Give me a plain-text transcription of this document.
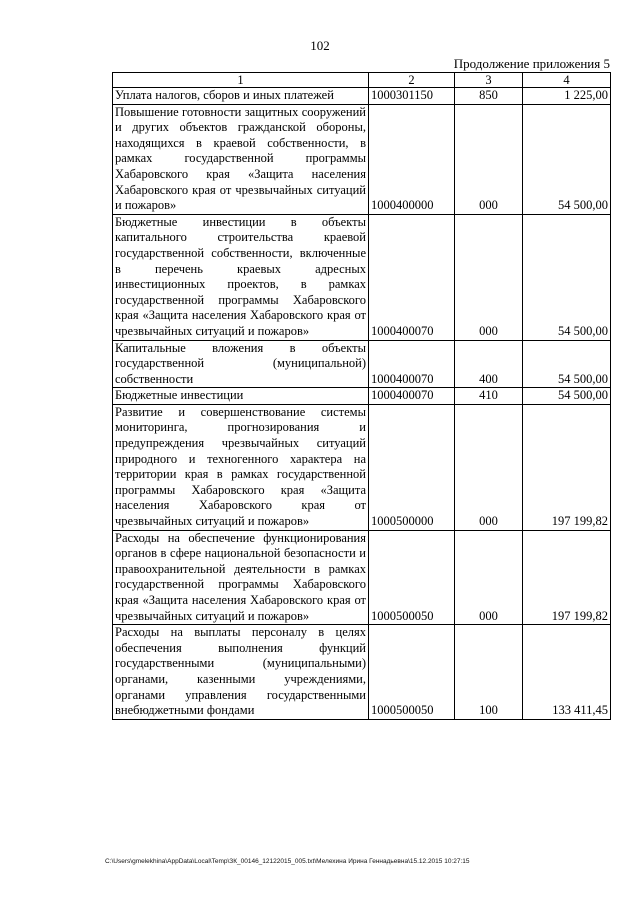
102
Продолжение приложения 5
1	2	3	4
Уплата налогов, сборов и иных платежей	1000301150	850	1 225,00
Повышение готовности защитных сооружений и других объектов гражданской обороны, находящихся в краевой собственности, в рамках государственной программы Хабаровского края «Защита населения Хабаровского края от чрезвычайных ситуаций и пожаров»	1000400000	000	54 500,00
Бюджетные инвестиции в объекты капитального строительства краевой государственной собственности, включенные в перечень краевых адресных инвестиционных проектов, в рамках государственной программы Хабаровского края «Защита населения Хабаровского края от чрезвычайных ситуаций и пожаров»	1000400070	000	54 500,00
Капитальные вложения в объекты государственной (муниципальной) собственности	1000400070	400	54 500,00
Бюджетные инвестиции	1000400070	410	54 500,00
Развитие и совершенствование системы мониторинга, прогнозирования и предупреждения чрезвычайных ситуаций природного и техногенного характера на территории края в рамках государственной программы Хабаровского края «Защита населения Хабаровского края от чрезвычайных ситуаций и пожаров»	1000500000	000	197 199,82
Расходы на обеспечение функционирования органов в сфере национальной безопасности и правоохранительной деятельности в рамках государственной программы Хабаровского края «Защита населения Хабаровского края от чрезвычайных ситуаций и пожаров»	1000500050	000	197 199,82
Расходы на выплаты персоналу в целях обеспечения выполнения функций государственными (муниципальными) органами, казенными учреждениями, органами управления государственными внебюджетными фондами	1000500050	100	133 411,45
C:\Users\gmelekhina\AppData\Local\Temp\ЗК_00146_12122015_005.txt\Мелехина Ирина Геннадьевна\15.12.2015 10:27:15
